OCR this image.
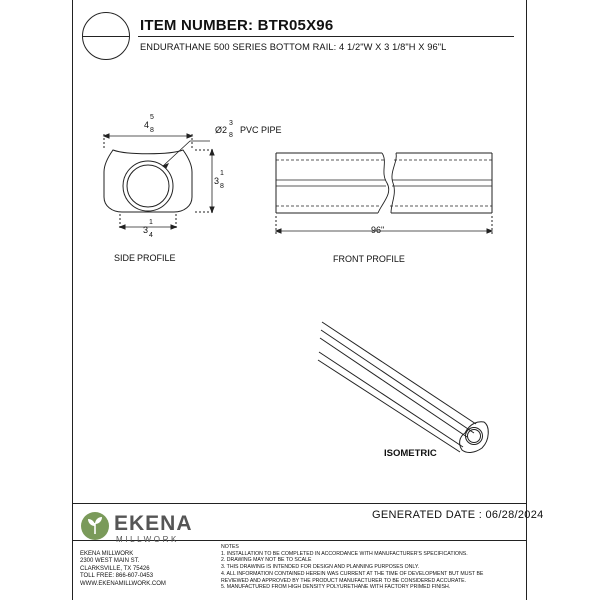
ITEM NUMBER: BTR05X96
ENDURATHANE 500 SERIES BOTTOM RAIL: 4 1/2"W X 3 1/8"H X 96"L
4
5
8	Ø2
3
8
PVC PIPE
3
1
8
3
1
4
SIDE PROFILE
96"
FRONT PROFILE
ISOMETRIC
GENERATED DATE : 06/28/2024
EKENA
MILLWORK
EKENA MILLWORK
2300 WEST MAIN ST.
CLARKSVILLE, TX 75426
TOLL FREE: 866-607-0453
WWW.EKENAMILLWORK.COM
NOTES
1. INSTALLATION TO BE COMPLETED IN ACCORDANCE WITH MANUFACTURER'S SPECIFICATIONS.
2. DRAWING MAY NOT BE TO SCALE
3. THIS DRAWING IS INTENDED FOR DESIGN AND PLANNING PURPOSES ONLY.
4. ALL INFORMATION CONTAINED HEREIN WAS CURRENT AT THE TIME OF DEVELOPMENT BUT MUST BE
REVIEWED AND APPROVED BY THE PRODUCT MANUFACTURER TO BE CONSIDERED ACCURATE.
5. MANUFACTURED FROM HIGH DENSITY POLYURETHANE WITH FACTORY PRIMED FINISH.
